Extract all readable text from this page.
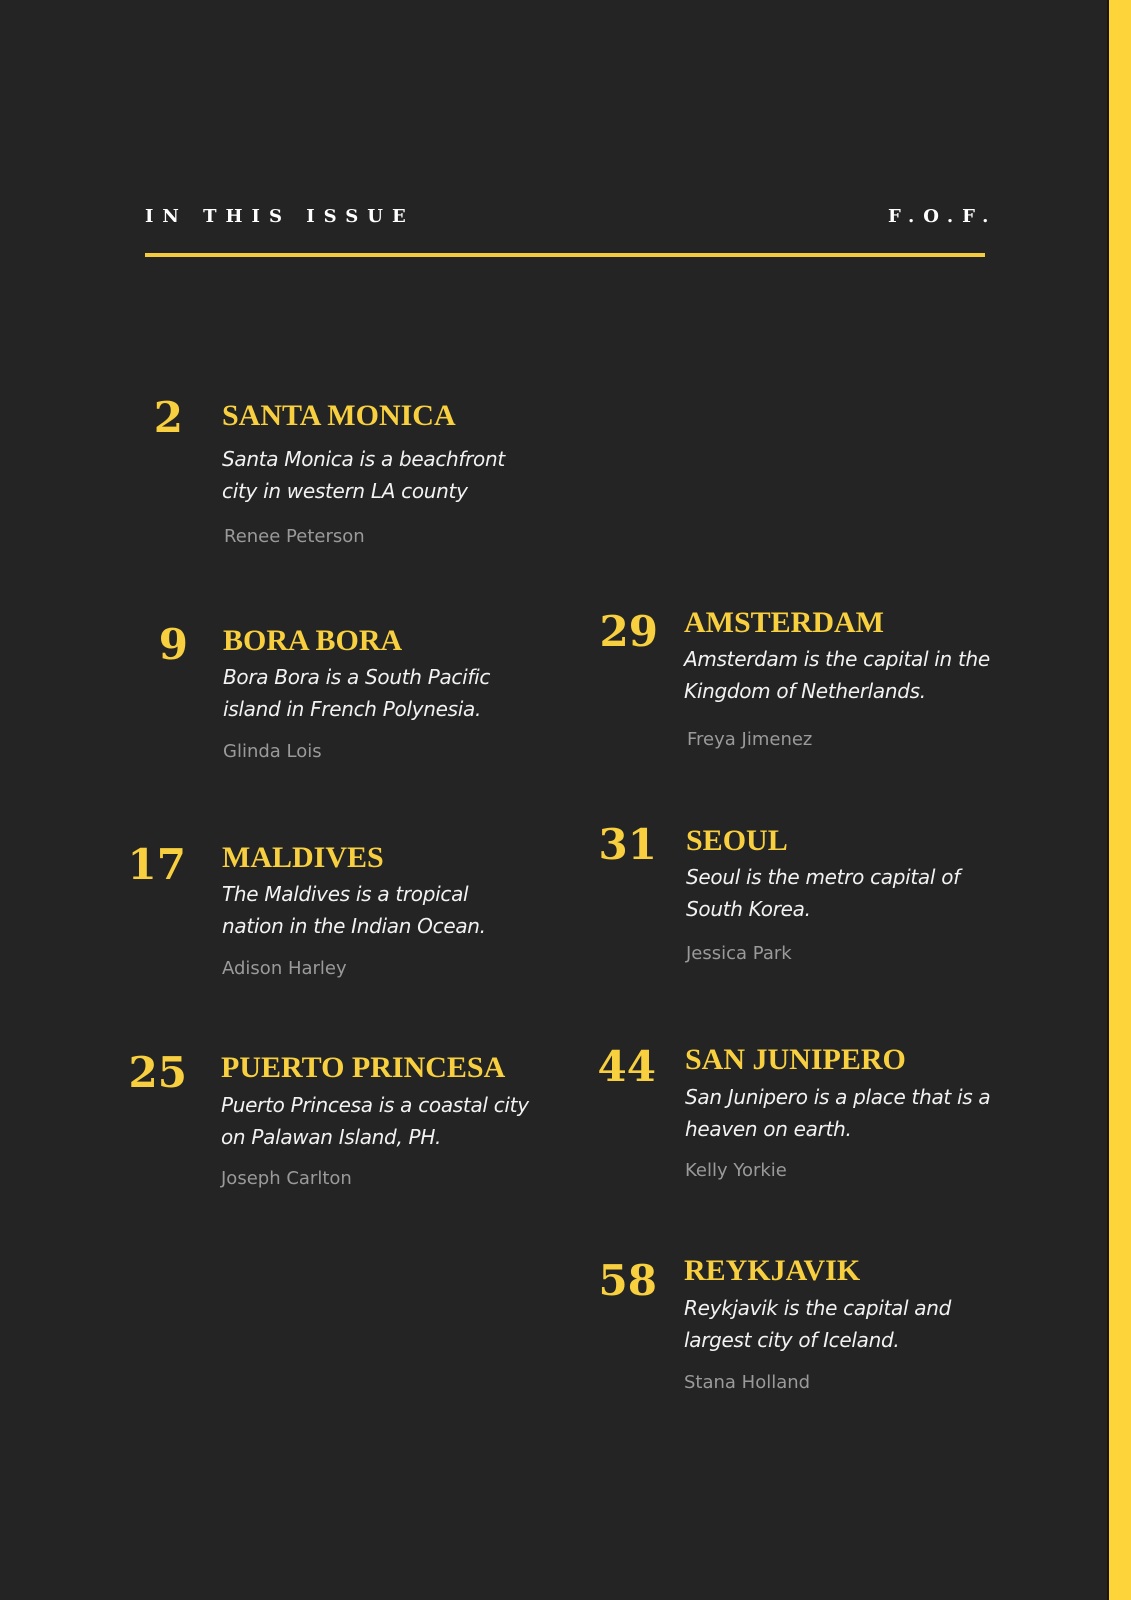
IN THIS ISSUE	F.O.F.
2 SANTA MONICA
Santa Monica is a beachfront city in western LA county
Renee Peterson
9 BORA BORA
Bora Bora is a South Pacific island in French Polynesia.
Glinda Lois
17 MALDIVES
The Maldives is a tropical nation in the Indian Ocean.
Adison Harley
25 PUERTO PRINCESA
Puerto Princesa is a coastal city on Palawan Island, PH.
Joseph Carlton
29 AMSTERDAM
Amsterdam is the capital in the Kingdom of Netherlands.
Freya Jimenez
31 SEOUL
Seoul is the metro capital of South Korea.
Jessica Park
44 SAN JUNIPERO
San Junipero is a place that is a heaven on earth.
Kelly Yorkie
58 REYKJAVIK
Reykjavik is the capital and largest city of Iceland.
Stana Holland
